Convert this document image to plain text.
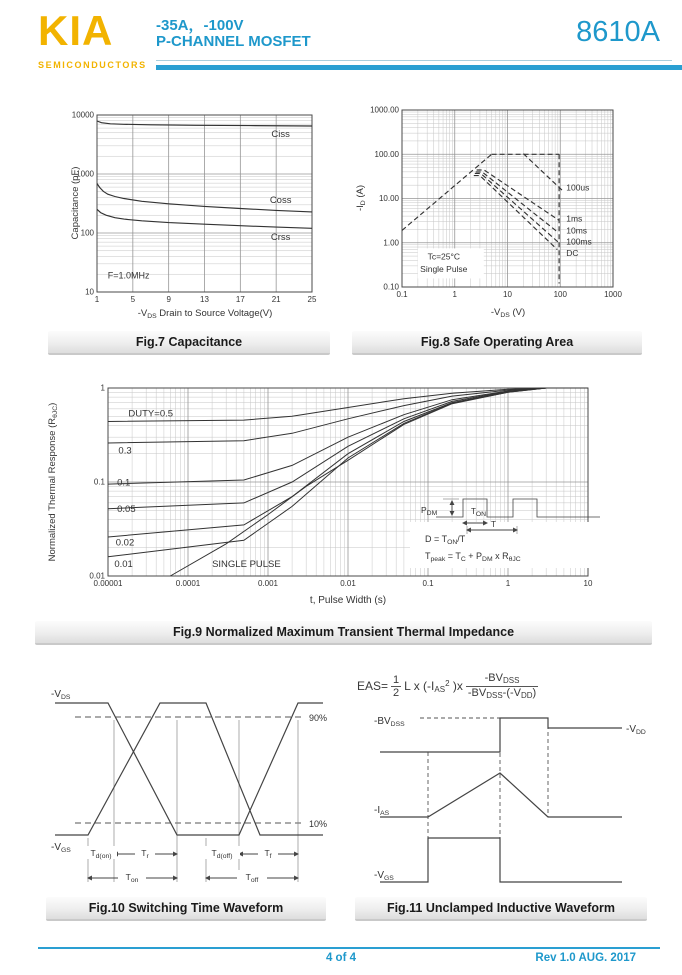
KIA
SEMICONDUCTORS
-35A，-100V
P-CHANNEL MOSFET	8610A
Capacitance (pF)
$-V_{DS}$ Drain to Source Voltage(V)
1	5	9	13	17	21	25
10
100
1000
10000
Ciss
Coss
Crss
F=1.0MHz
$-I_D$ (A)
$-V_{DS}$ (V)
0.1	1	10	100	1000
0.10
1.00
10.00
100.00
1000.00
100us
1ms
10ms
100ms
DC
Tc=25°C
Single Pulse
Fig.7 Capacitance	Fig.8 Safe Operating Area
$P_{DM}$	$T_{ON}$
T
$D = T_{ON}/T$
$T_{peak} = T_C + P_{DM}$ x $R_{\theta JC}$
Normalized Thermal Response $(R_{\theta JC})$
t, Pulse Width (s)
0.00001	0.0001	0.001	0.01	0.1	1	10
0.01
0.1
1
DUTY=0.5
0.3
0.1
0.05
0.02
0.01	SINGLE PULSE
Fig.9 Normalized Maximum Transient Thermal Impedance
$T_{d(on)}$	$T_r$	$T_{d(off)}$	$T_f$
$T_{on}$	$T_{off}$
$-V_{DS}$
$-V_{GS}$
90%
10%
$EAS= \frac{1}{2}$ L x (-IAS$^2$ )$x \frac{\text{-BVDSS}}{\text{-BVDSS-(-VDD)}}$
$-BV_{DSS}$	$-V_{DD}$
$-I_{AS}$
$-V_{GS}$
Fig.10 Switching Time Waveform	Fig.11 Unclamped Inductive Waveform
4 of 4	Rev 1.0 AUG. 2017
